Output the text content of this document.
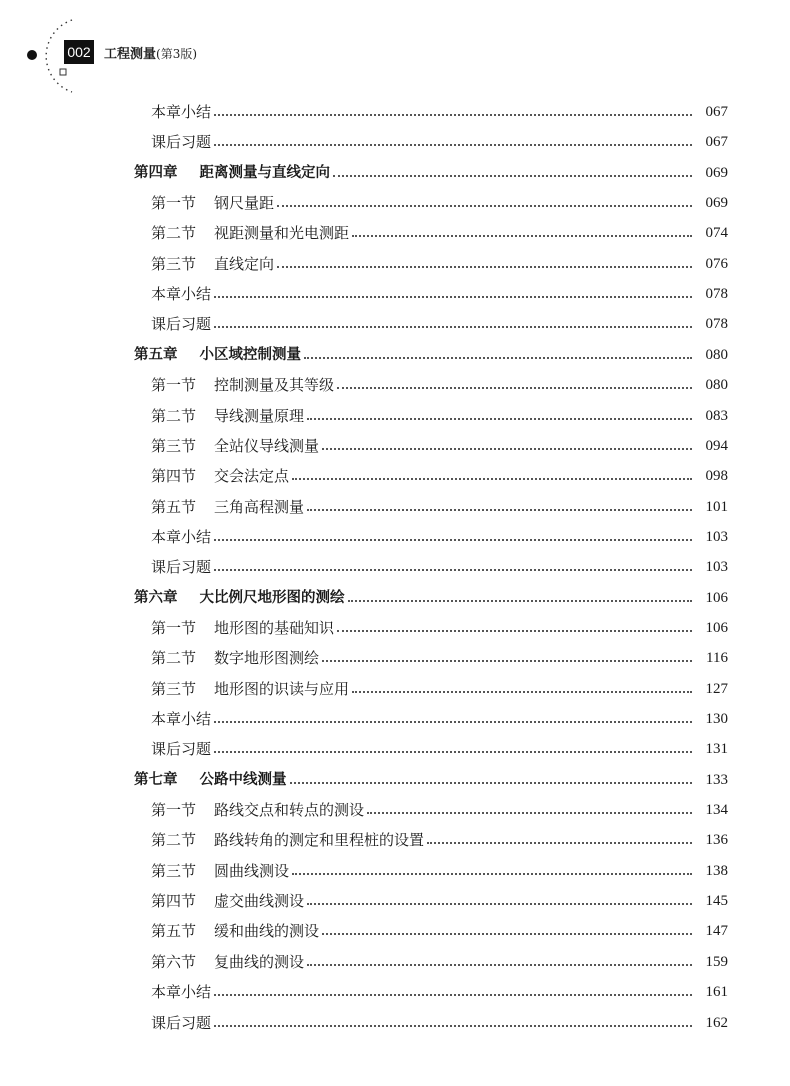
002 工程测量(第3版)
本章小结	067
课后习题	067
第四章 距离测量与直线定向	069
第一节 钢尺量距	069
第二节 视距测量和光电测距	074
第三节 直线定向	076
本章小结	078
课后习题	078
第五章 小区域控制测量	080
第一节 控制测量及其等级	080
第二节 导线测量原理	083
第三节 全站仪导线测量	094
第四节 交会法定点	098
第五节 三角高程测量	101
本章小结	103
课后习题	103
第六章 大比例尺地形图的测绘	106
第一节 地形图的基础知识	106
第二节 数字地形图测绘	116
第三节 地形图的识读与应用	127
本章小结	130
课后习题	131
第七章 公路中线测量	133
第一节 路线交点和转点的测设	134
第二节 路线转角的测定和里程桩的设置	136
第三节 圆曲线测设	138
第四节 虚交曲线测设	145
第五节 缓和曲线的测设	147
第六节 复曲线的测设	159
本章小结	161
课后习题	162
